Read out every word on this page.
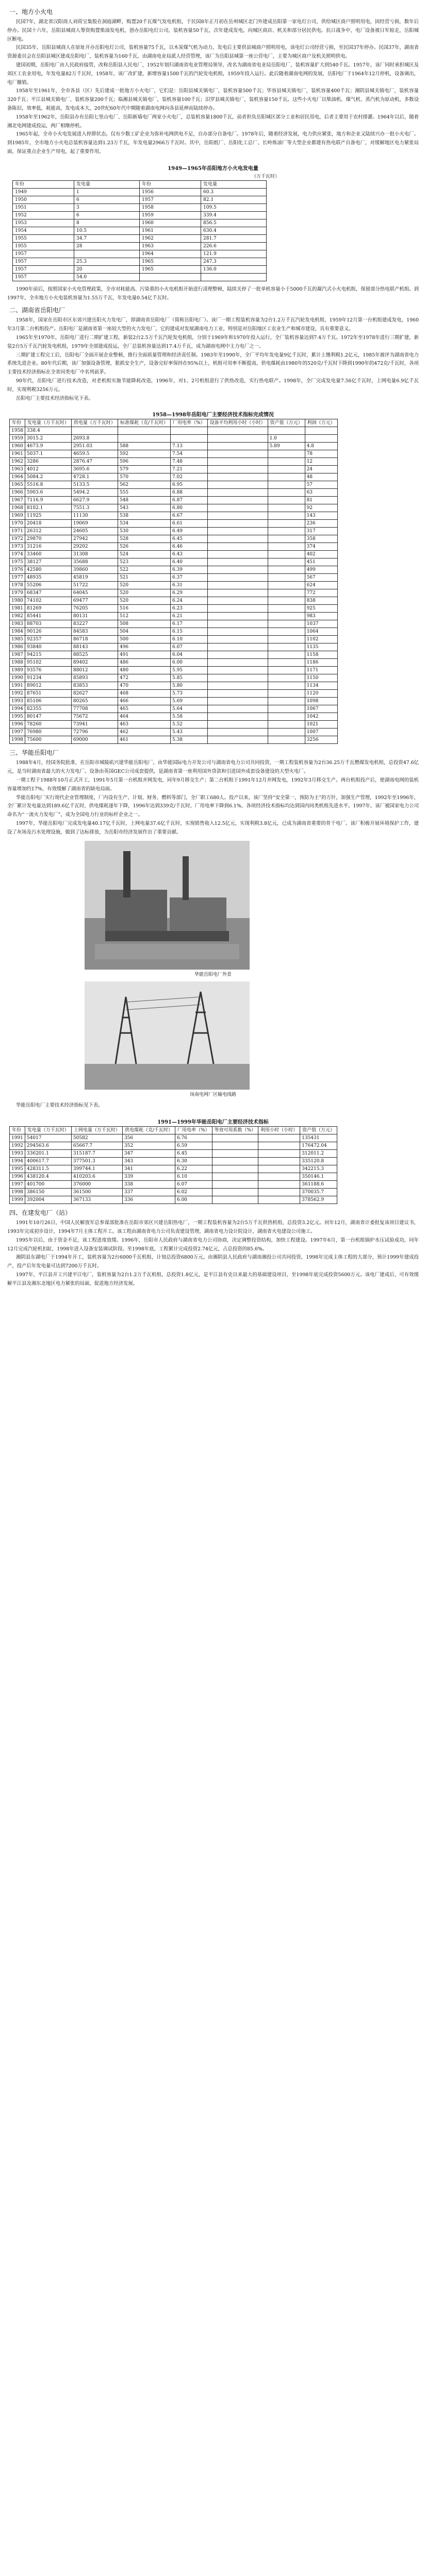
一、地方小火电

民国7年，湖北省汉阳商人刘荷宝集股在洞庭湖畔，购置20千瓦煤气发电机组，于民国8年正月初在岳州城区北门外建成岳阳第一家电灯公司，供给城区商户照明用电，因经营亏损，数年后停办。民国十六年，岳阳县城商人筹资购置柴油发电机，创办岳阳电灯公司，装机容量50千瓦，次年建成发电，向城区商店、机关和部分居民供电。抗日战争中，电厂设备被日军掠走，岳阳城区断电。

民国35年，岳阳县城商人在原址开办岳阳电灯公司，装机容量75千瓦，以木炭煤气机为动力，发电后主要供县城商户照明用电，该电灯公司经营亏损，至民国37年停办。民国37年，湖南省资源委员会在岳阳县城区建成岳阳电厂，装机容量为160千瓦，由湖南电业局派人经营管理，该厂为岳阳县城第一座公营电厂，主要为城区商户及机关照明供电。

建国初期，岳阳电厂由人民政府接管，改称岳阳县人民电厂，1952年划归湖南省电业管理局领导，改名为湖南省电业局岳阳电厂，装机容量扩大到540千瓦。1957年，该厂同时承担城区及郊区工农业用电，年发电量82万千瓦时，1958年，该厂改扩建，新增容量1500千瓦的汽轮发电机组，1959年投入运行。此后随着湖南电网的发展，岳阳电厂于1964年12月停机，设备调出，电厂撤销。

1958年至1961年，全市各县（区）先后建成一批地方小火电厂，它们是：岳阳县城关镇电厂，装机容量500千瓦；华容县城关镇电厂，装机容量400千瓦；湘阴县城关镇电厂，装机容量320千瓦；平江县城关镇电厂，装机容量200千瓦；临湘县城关镇电厂，装机容量100千瓦；汨罗县城关镇电厂，装机容量150千瓦。这些小火电厂以柴油机、煤气机、蒸汽机为原动机，多数设备陈旧，效率低，耗能高，发电成本大，20世纪60年代中期随着湖南电网向各县延伸而陆续停办。

1958年至1962年，岳阳县办有岳阳七里山电厂、岳阳新墙电厂两家小火电厂，总装机容量1800千瓦，前者担负岳阳城区部分工业和居民用电，后者主要用于农村排灌。1964年以后，随着湘北电网建成投运，两厂相继停机。

1965年起，全市小火电发展进入停滞状态。仅有少数工矿企业为弥补电网供电不足，自办部分自备电厂。1978年后，随着经济发展，电力供应紧张，地方和企业又陆续兴办一批小火电厂。到1985年，全市地方小火电总装机容量达到1.23万千瓦，年发电量2966万千瓦时。其中，岳阳纸厂、岳阳化工总厂、长岭炼油厂等大型企业都建有热电联产自备电厂，对缓解地区电力紧张局面，保证重点企业生产用电，起了重要作用。

1949—1965年岳阳地方小火电发电量
（万千瓦时）
年份	发电量	年份	发电量
1949	1	1956	60.3
1950	6	1957	82.1
1951	3	1958	109.5
1952	6	1959	339.4
1953	8	1960	856.5
1954	10.5	1961	630.4
1955	34.7	1962	281.7
1955	28	1963	226.6
1957		1964	121.9
1957	25.3	1965	247.3
1957	20	1965	136.0
1957	54.0		

1990年前后，按照国家小火电管理政策，全市对耗能高、污染重的小火电机组开始进行清理整顿，陆续关停了一批单机容量小于5000千瓦的凝汽式小火电机组，保留部分热电联产机组。到1997年，全市地方小火电装机容量为1.55万千瓦，年发电量0.54亿千瓦时。

二、湖南省岳阳电厂

1958年，国家在岳阳市区东郊兴建岳阳火力发电厂，即湖南省岳阳电厂（简称岳阳电厂）。该厂一期工程装机容量为2台1.2万千瓦汽轮发电机组，1959年12月第一台机组建成发电，1960年3月第二台机组投产。岳阳电厂是湖南省第一座较大型的火力发电厂，它的建成对发展湖南电力工业，特别是对岳阳地区工农业生产和城市建设，具有重要意义。

1965年至1970年，岳阳电厂进行二期扩建工程，新装2台2.5万千瓦汽轮发电机组，分别于1969年和1970年投入运行，全厂装机容量达到7.4万千瓦。1972年至1978年进行三期扩建，新装2台5万千瓦汽轮发电机组，1979年全部建成投运，全厂总装机容量达到17.4万千瓦，成为湖南电网中主力电厂之一。

三期扩建工程完工后，岳阳电厂全面开展企业整顿，推行全面质量管理和经济责任制。1983年至1990年，全厂平均年发电量9亿千瓦时，累计上缴利税1.2亿元，1985年被评为湖南省电力系统先进企业。80年代后期，该厂加强设备管理，狠抓安全生产，设备完好率保持在95%以上，机组可用率不断提高，供电煤耗由1980年的520克/千瓦时下降到1990年的472克/千瓦时，各项主要技术经济指标在全省同类电厂中名列前茅。

90年代，岳阳电厂进行技术改造，对老机组实施节能降耗改造，1996年，对1、2号机组进行了供热改造，实行热电联产。1998年，全厂完成发电量7.56亿千瓦时，上网电量6.9亿千瓦时，实现利税3256万元。

岳阳电厂主要技术经济指标见下表。

1958—1998年岳阳电厂主要经济技术指标完成情况
年份	发电量（万千瓦时）	供电量（万千瓦时）	标准煤耗（克/千瓦时）	厂用电率（%）	设备平均利用小时（小时）	资产值（万元）	利润（万元）
1958	338.4						
1959	3015.2	2693.8				1.0	
1960	4673.9	2951.03	588	7.13		5.89	4.8
1961	5037.1	4659.5	592	7.54			78
1962	3286	2876.47	596	7.48			12
1963	4012	3695.6	579	7.21			24
1964	5084.2	4728.1	570	7.02			48
1965	5516.8	5133.5	562	6.95			57
1966	5903.6	5494.2	555	6.88			63
1967	7116.9	6627.9	548	6.87			81
1968	8102.1	7551.3	543	6.80			92
1969	11925	11130	538	6.67			143
1970	20418	19069	534	6.61			236
1971	26312	24605	530	6.49			317
1972	29870	27942	528	6.45			358
1973	31216	29202	526	6.46			374
1974	33460	31308	524	6.43			402
1975	38127	35688	523	6.40			451
1976	42580	39860	522	6.39			499
1977	48935	45819	521	6.37			567
1978	55206	51722	520	6.31			624
1979	68347	64045	520	6.29			772
1980	74102	69477	520	6.24			838
1981	81269	76205	516	6.23			925
1982	85441	80131	512	6.21			983
1983	88703	83227	508	6.17			1037
1984	90126	84583	504	6.15			1064
1985	92357	86718	500	6.10			1102
1986	93840	88143	496	6.07			1135
1987	94215	88525	491	6.04			1158
1988	95102	89402	486	6.00			1186
1989	93576	88012	480	5.95			1171
1990	91234	85893	472	5.85			1150
1991	89012	83853	470	5.80			1134
1992	87651	82627	468	5.73			1120
1993	85106	80265	466	5.69			1098
1994	82355	77708	465	5.64			1067
1995	80147	75672	464	5.58			1042
1996	78260	73941	463	5.52			1021
1997	76980	72796	462	5.43			1007
1998	75600	69000	461	5.38			3256
三、华能岳阳电厂

1988年4月，经国务院批准，在岳阳市城陵矶兴建华能岳阳电厂，由华能国际电力开发公司与湖南省电力公司共同投资，一期工程装机容量为2台36.25万千瓦燃煤发电机组，总投资47.6亿元，是当时湖南省最大的火力发电厂。设备由英国GEC公司成套提供，是湖南省第一座利用国外贷款和引进国外成套设备建设的大型火电厂。

一期工程于1988年10月正式开工，1991年5月第一台机组并网发电，同年9月移交生产；第二台机组于1991年12月并网发电，1992年3月移交生产。两台机组投产后，使湖南电网的装机容量增加约17%，有效缓解了湖南省的缺电局面。

华能岳阳电厂实行现代企业管理制度，厂内设有生产、计划、财务、燃料等部门，全厂职工680人。投产以来，该厂坚持“安全第一，预防为主”的方针，加强生产管理，1992年至1996年，全厂累计发电量达到189.6亿千瓦时，供电煤耗逐年下降，1996年达到339克/千瓦时，厂用电率下降到6.1%，各项经济技术指标均达到国内同类机组先进水平。1997年，该厂被国家电力公司命名为“一流火力发电厂”，成为全国电力行业的标杆企业之一。

1997年，华能岳阳电厂完成发电量40.17亿千瓦时，上网电量37.6亿千瓦时，实现销售收入12.5亿元，实现利税3.8亿元，已成为湖南省重要的骨干电厂。该厂积极开展环境保护工作，建设了灰场及污水处理设施，做到了达标排放，为岳阳市经济发展作出了重要贡献。

华能岳阳电厂外景
岗南电网厂区输电线路

华能岳阳电厂主要技术经济指标见下表。

1991—1999年华能岳阳电厂主要经济技术指标
年份	发电量（万千瓦时）	上网电量（万千瓦时）	供电煤耗（克/千瓦时）	厂用电率（%）	等效可用系数（%）	利用小时（小时）	资产值（万元）
1991	54017	50582	356	6.76			135431
1992	294563.6	65667.7	352	6.59			176472.04
1993	336201.1	315187.7	347	6.45			312011.2
1994	400617.7	377501.3	343	6.30			335120.8
1995	428311.5	399744.1	341	6.22			342215.3
1996	438120.4	410203.6	339	6.10			350146.1
1997	401700	376000	338	6.07			361188.6
1998	386150	361500	337	6.02			370035.7
1999	392004	367133	336	6.00			378562.9
四、在建发电厂（站）

1991年10月26日，中国人民解放军总参谋部批准在岳阳市郊区兴建岳阳热电厂，一期工程装机容量为2台5万千瓦供热机组，总投资3.2亿元。同年12月，湖南省计委批复该项目建议书，1993年完成初步设计，1994年7月主体工程开工。该工程由湖南省电力公司负责建设管理，湖南省电力设计院设计，湖南省火电建设公司施工。

1995年以后，由于资金不足，该工程进度放缓。1996年，岳阳市人民政府与湖南省电力公司协商，决定调整投资结构，加快工程建设。1997年6月，第一台机组锅炉水压试验成功，同年12月完成汽轮机扣缸，1998年进入设备安装调试阶段。至1998年底，工程累计完成投资2.74亿元，占总投资的85.6%。

湘阴县东湖电厂于1994年开工，装机容量为2台6000千瓦机组，计划总投资6800万元，由湘阴县人民政府与湖南湘投公司共同投资，1998年完成主体工程的大部分，预计1999年建成投产，投产后年发电量可达到7200万千瓦时。

1997年，平江县开工兴建平江电厂，装机容量为2台1.2万千瓦机组，总投资1.8亿元，是平江县有史以来最大的基础建设项目，至1998年底完成投资5600万元。该电厂建成后，可有效缓解平江县及湘东北地区电力紧张的局面，促进地方经济发展。
